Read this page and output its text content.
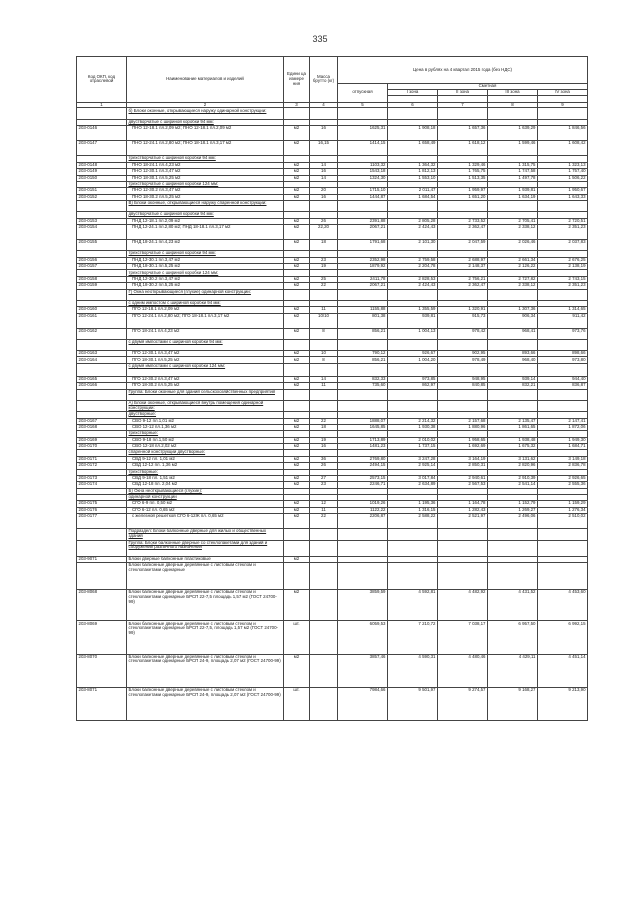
335
Код ОКП, код отраслевой	Наименование материалов и изделий	Едини ца измере ния	Масса брутто (кг)	Цена в рублях на 4 квартал 2015 года (без НДС)				
				отпускная	Сметная			
					I зона	II зона	III зона	IV зона

1	2	3	4	5	6	7	8	9
	б) Блоки оконные, открывающиеся наружу одинарной конструкции:							
	двустворчатые с шириной коробки 94 мм:							
203-0146	ПНО 12-18.1 пл.2,09 м2; ПНО 12-18.1 пл.2,09 м2	м2	16	1625,31	1 908,18	1 657,36	1 639,29	1 846,56
203-0147	ПНО 12-24.1 пл.2,80 м2; ПНО 18-18.1 пл.3,17 м2	м2	16,15	1414,15	1 658,49	1 618,12	1 599,46	1 608,42
	трехстворчатые с шириной коробки 94 мм:							
203-0148	ПНО 18-24.1 пл.4,23 м2	м2	14	1103,32	1 364,32	1 329,46	1 315,75	1 323,13
203-0149	ПНО 12-30.1 пл.3,47 м2	м2	16	1543,18	1 812,13	1 765,75	1 747,58	1 757,40
203-0150	ПНО 18-30.1 пл.5,25 м2	м2	14	1324,30	1 553,10	1 513,35	1 497,78	1 506,22
	трехстворчатые с шириной коробки 124 мм:							
203-0151	ПНО 12-30.2 пл.3,47 м2	м2	20	1715,10	2 011,47	1 959,97	1 939,81	1 950,67
203-0152	ПНО 18-30.2 пл.5,25 м2	м2	16	1444,87	1 684,54	1 651,20	1 634,19	1 643,33
	В) Блоки оконные, открывающиеся наружу спаренной конструкции:							
	двустворчатые с шириной коробки 94 мм:							
203-0153	ПНД 12-18.1 пл.2,09 м2	м2	26	2391,88	2 805,28	2 733,52	2 705,41	2 720,51
203-0154	ПНД 12-24.1 пл.2,80 м2; ПНД 18-18.1 пл.3,17 м2	м2	22,20	2067,21	2 424,43	2 362,47	2 338,12	2 351,23
203-0155	ПНД 18-24.1 пл.4,23 м2	м2	18	1791,68	2 101,30	2 047,59	2 026,46	2 037,83
	трехстворчатые с шириной коробки 94 мм:							
203-0156	ПНД 12-30.1 пл.3,47 м2	м2	23	2352,98	2 759,58	2 688,97	2 661,34	2 676,25
203-0157	ПНД 18-30.1 пл.5,25 м2	м2	19	1879,92	2 204,78	2 148,37	2 126,22	2 138,19
	трехстворчатые с шириной коробки 124 мм:							
203-0158	ПНД 12-30.2 пл.3,47 м2	м2	25	2411,78	2 828,53	2 756,21	2 727,82	2 743,15
203-0159	ПНД 18-30.2 пл.5,25 м2	м2	22	2067,21	2 424,43	2 362,47	2 338,12	2 351,23
	Г) Окна неоткрывающиеся (глухие) одинарной конструкции:							
	с одним импостом с шириной коробки 94 мм:							
203-0160	ПГО 12-18.1 пл.2,09 м2	м2	11	1155,88	1 355,59	1 320,91	1 307,36	1 314,65
203-0161	ПГО 12-24.1 пл.2,80 м2; ПГО 18-18.1 пл.3,17 м2	м2	10/10	801,38	939,81	915,73	906,34	911,42
203-0162	ПГО 18-24.1 пл.4,23 м2	м2	8	856,21	1 004,13	978,42	968,41	973,76
	с двумя импостами с шириной коробки 94 мм:							
203-0163	ПГО 12-30.1 пл.3,47 м2	м2	10	790,12	926,67	902,95	893,66	898,66
203-0164	ПГО 18-30.1 пл.5,25 м2	м2	8	856,21	1 004,20	978,49	968,40	973,80
	с двумя импостами с шириной коробки 124 мм:							
203-0165	ПГО 12-30.2 пл.3,47 м2	м2	14	832,33	973,85	948,95	939,14	944,40
203-0166	ПГО 18-30.2 пл.5,25 м2	м2	11	735,60	862,97	840,85	832,21	836,87
	Группа: Блоки оконные для зданий сельскохозяйственных предприятий							
	А) Блоки оконные, открывающиеся внутрь помещения одинарной конструкции:							
	двустворные:							
203-0167	СВО 9-12 пл.1,01 м2	м2	22	1888,07	2 214,32	2 157,68	2 135,47	2 147,41
203-0168	СВО 12-12 пл.1,36 м2	м2	18	1645,85	1 930,38	1 880,96	1 861,65	1 872,06
	трехстворные:							
203-0169	СВО 9-18 пл.1,50 м2	м2	19	1713,89	2 010,02	1 958,65	1 938,48	1 949,30
203-0170	СВО 12-18 пл.2,02 м2	м2	16	1481,23	1 737,15	1 692,69	1 675,32	1 684,71
	спаренной конструкции двустворные:							
203-0171	СВД 9-12 пл. 1,01 м2	м2	36	2769,80	3 247,28	3 164,19	3 131,62	3 149,18
203-0172	СВД 12-12 пл. 1,36 м2	м2	26	2494,15	2 925,14	2 850,31	2 820,96	2 836,78
	трехстворные:							
203-0173	СВД 9-18 пл. 1,51 м2	м2	27	2573,15	3 017,84	2 940,61	2 910,39	2 926,65
203-0174	СВД 12-18 пл. 2,04 м2	м2	23	2246,71	2 634,89	2 567,53	2 541,14	2 555,36
	Б) Окна неоткрывающиеся (глухие):							
	одинарной конструкции							
203-0175	СГО 6-9 пл. 0,50 м2	м2	12	1019,26	1 195,36	1 164,78	1 152,79	1 159,29
203-0176	СГО 6-12 пл. 0,65 м2	м2	11	1122,22	1 316,15	1 282,43	1 269,27	1 276,34
203-0177	с железной решеткой СГО 6-12Ж пл. 0,65 м2	м2	22	2206,87	2 588,22	2 521,97	2 496,06	2 510,02
	Подраздел: Блоки балконные дверные для жилых и общественных зданий							
	Группа: Блоки балконные дверные со стеклопакетами для зданий и сооружений различного назначения							
203-9071	Блоки дверные балконные пластиковые	м2						
	Блоки балконные дверные деревянные с листовым стеклом и стеклопакетами одинарные							
203-8068	Блоки балконные дверные деревянные с листовым стеклом и стеклопакетами одинарные БРСП 22-7,5 площадь 1,57 м2 (ГОСТ 24700-99)	м2		3859,59	4 592,81	4 482,92	4 431,52	4 453,60
203-8069	Блоки балконные дверные деревянные с листовым стеклом и стеклопакетами одинарные БРСП 22-7,5, площадь 1,57 м2 (ГОСТ 24700-99)	шт.		6059,53	7 210,72	7 038,17	6 957,50	6 992,15
203-8070	Блоки балконные дверные деревянные с листовым стеклом и стеклопакетами одинарные БРСП 24-9, площадь 2,07 м2 (ГОСТ 24700-99)	м2		3857,46	4 590,31	4 480,46	4 429,11	4 451,14
203-8071	Блоки балконные дверные деревянные с листовым стеклом и стеклопакетами одинарные БРСП 24-9, площадь 2,07 м2 (ГОСТ 24700-99)	шт.		7984,66	9 501,97	9 274,57	9 168,27	9 213,90
